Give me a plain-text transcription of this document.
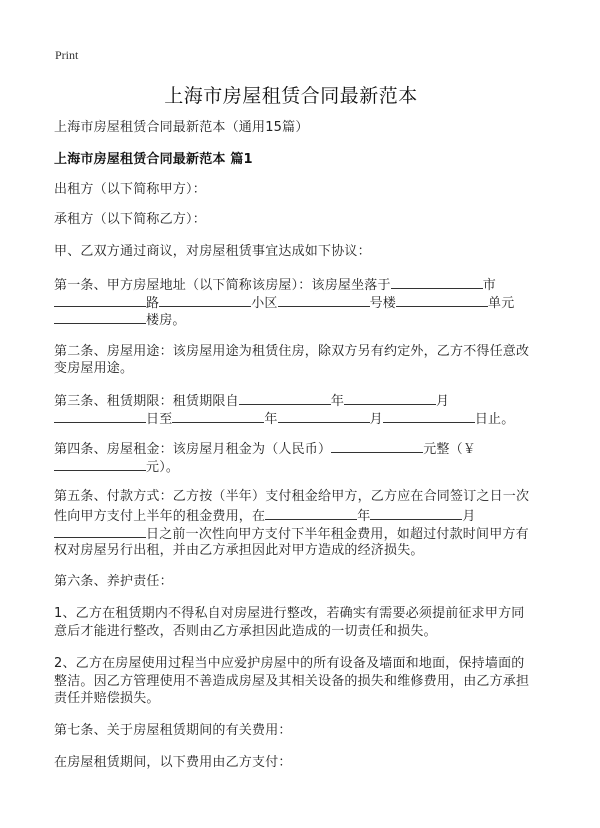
Print
上海市房屋租赁合同最新范本
上海市房屋租赁合同最新范本（通用15篇）
上海市房屋租赁合同最新范本 篇1
出租方（以下简称甲方）：
承租方（以下简称乙方）：
甲、乙双方通过商议，对房屋租赁事宜达成如下协议：
第一条、甲方房屋地址（以下简称该房屋）：该房屋坐落于	市
路	小区	号楼	单元
楼房。
第二条、房屋用途：该房屋用途为租赁住房，除双方另有约定外，乙方不得任意改
变房屋用途。
第三条、租赁期限：租赁期限自	年	月
日至	年	月	日止。
第四条、房屋租金：该房屋月租金为（人民币）	元整（￥
元）。
第五条、付款方式：乙方按（半年）支付租金给甲方，乙方应在合同签订之日一次
性向甲方支付上半年的租金费用，在	年	月
日之前一次性向甲方支付下半年租金费用，如超过付款时间甲方有
权对房屋另行出租，并由乙方承担因此对甲方造成的经济损失。
第六条、养护责任：
1、乙方在租赁期内不得私自对房屋进行整改，若确实有需要必须提前征求甲方同
意后才能进行整改，否则由乙方承担因此造成的一切责任和损失。
2、乙方在房屋使用过程当中应爱护房屋中的所有设备及墙面和地面，保持墙面的
整洁。因乙方管理使用不善造成房屋及其相关设备的损失和维修费用，由乙方承担
责任并赔偿损失。
第七条、关于房屋租赁期间的有关费用：
在房屋租赁期间，以下费用由乙方支付：
